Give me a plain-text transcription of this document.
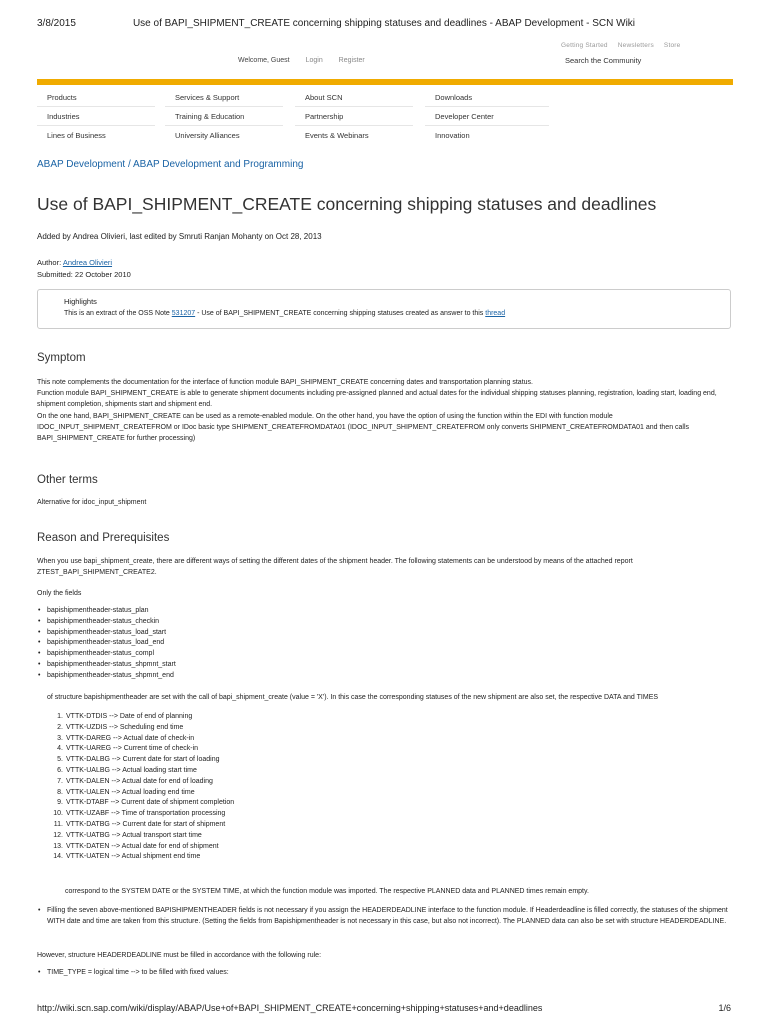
3/8/2015	Use of BAPI_SHIPMENT_CREATE concerning shipping statuses and deadlines - ABAP Development - SCN Wiki
Getting Started Newsletters Store
Welcome, Guest Login Register	Search the Community
Products
Industries
Lines of Business
Services & Support
Training & Education
University Alliances
About SCN
Partnership
Events & Webinars
Downloads
Developer Center
Innovation
ABAP Development / ABAP Development and Programming
Use of BAPI_SHIPMENT_CREATE concerning shipping statuses and deadlines
Added by Andrea Olivieri, last edited by Smruti Ranjan Mohanty on Oct 28, 2013
Author: Andrea Olivieri
Submitted: 22 October 2010
Highlights
This is an extract of the OSS Note 531207 - Use of BAPI_SHIPMENT_CREATE concerning shipping statuses created as answer to this thread
Symptom
This note complements the documentation for the interface of function module BAPI_SHIPMENT_CREATE concerning dates and transportation planning status.
Function module BAPI_SHIPMENT_CREATE is able to generate shipment documents including pre-assigned planned and actual dates for the individual shipping statuses planning, registration, loading start, loading end, shipment completion, shipments start and shipment end.
On the one hand, BAPI_SHIPMENT_CREATE can be used as a remote-enabled module. On the other hand, you have the option of using the function within the EDI with function module IDOC_INPUT_SHIPMENT_CREATEFROM or IDoc basic type SHIPMENT_CREATEFROMDATA01 (IDOC_INPUT_SHIPMENT_CREATEFROM only converts SHIPMENT_CREATEFROMDATA01 and then calls BAPI_SHIPMENT_CREATE for further processing)
Other terms
Alternative for idoc_input_shipment
Reason and Prerequisites
When you use bapi_shipment_create, there are different ways of setting the different dates of the shipment header. The following statements can be understood by means of the attached report ZTEST_BAPI_SHIPMENT_CREATE2.
Only the fields
• bapishipmentheader-status_plan
• bapishipmentheader-status_checkin
• bapishipmentheader-status_load_start
• bapishipmentheader-status_load_end
• bapishipmentheader-status_compl
• bapishipmentheader-status_shpmnt_start
• bapishipmentheader-status_shpmnt_end
of structure bapishipmentheader are set with the call of bapi_shipment_create (value = 'X'). In this case the corresponding statuses of the new shipment are also set, the respective DATA and TIMES
1. VTTK-DTDIS --> Date of end of planning
2. VTTK-UZDIS --> Scheduling end time
3. VTTK-DAREG --> Actual date of check-in
4. VTTK-UAREG --> Current time of check-in
5. VTTK-DALBG --> Current date for start of loading
6. VTTK-UALBG --> Actual loading start time
7. VTTK-DALEN --> Actual date for end of loading
8. VTTK-UALEN --> Actual loading end time
9. VTTK-DTABF --> Current date of shipment completion
10. VTTK-UZABF --> Time of transportation processing
11. VTTK-DATBG --> Current date for start of shipment
12. VTTK-UATBG --> Actual transport start time
13. VTTK-DATEN --> Actual date for end of shipment
14. VTTK-UATEN --> Actual shipment end time
correspond to the SYSTEM DATE or the SYSTEM TIME, at which the function module was imported. The respective PLANNED data and PLANNED times remain empty.
• Filling the seven above-mentioned BAPISHIPMENTHEADER fields is not necessary if you assign the HEADERDEADLINE interface to the function module. If Headerdeadline is filled correctly, the statuses of the shipment WITH date and time are taken from this structure. (Setting the fields from Bapishipmentheader is not necessary in this case, but also not incorrect). The PLANNED data can also be set with structure HEADERDEADLINE.
However, structure HEADERDEADLINE must be filled in accordance with the following rule:
• TIME_TYPE = logical time --> to be filled with fixed values:
http://wiki.scn.sap.com/wiki/display/ABAP/Use+of+BAPI_SHIPMENT_CREATE+concerning+shipping+statuses+and+deadlines	1/6
